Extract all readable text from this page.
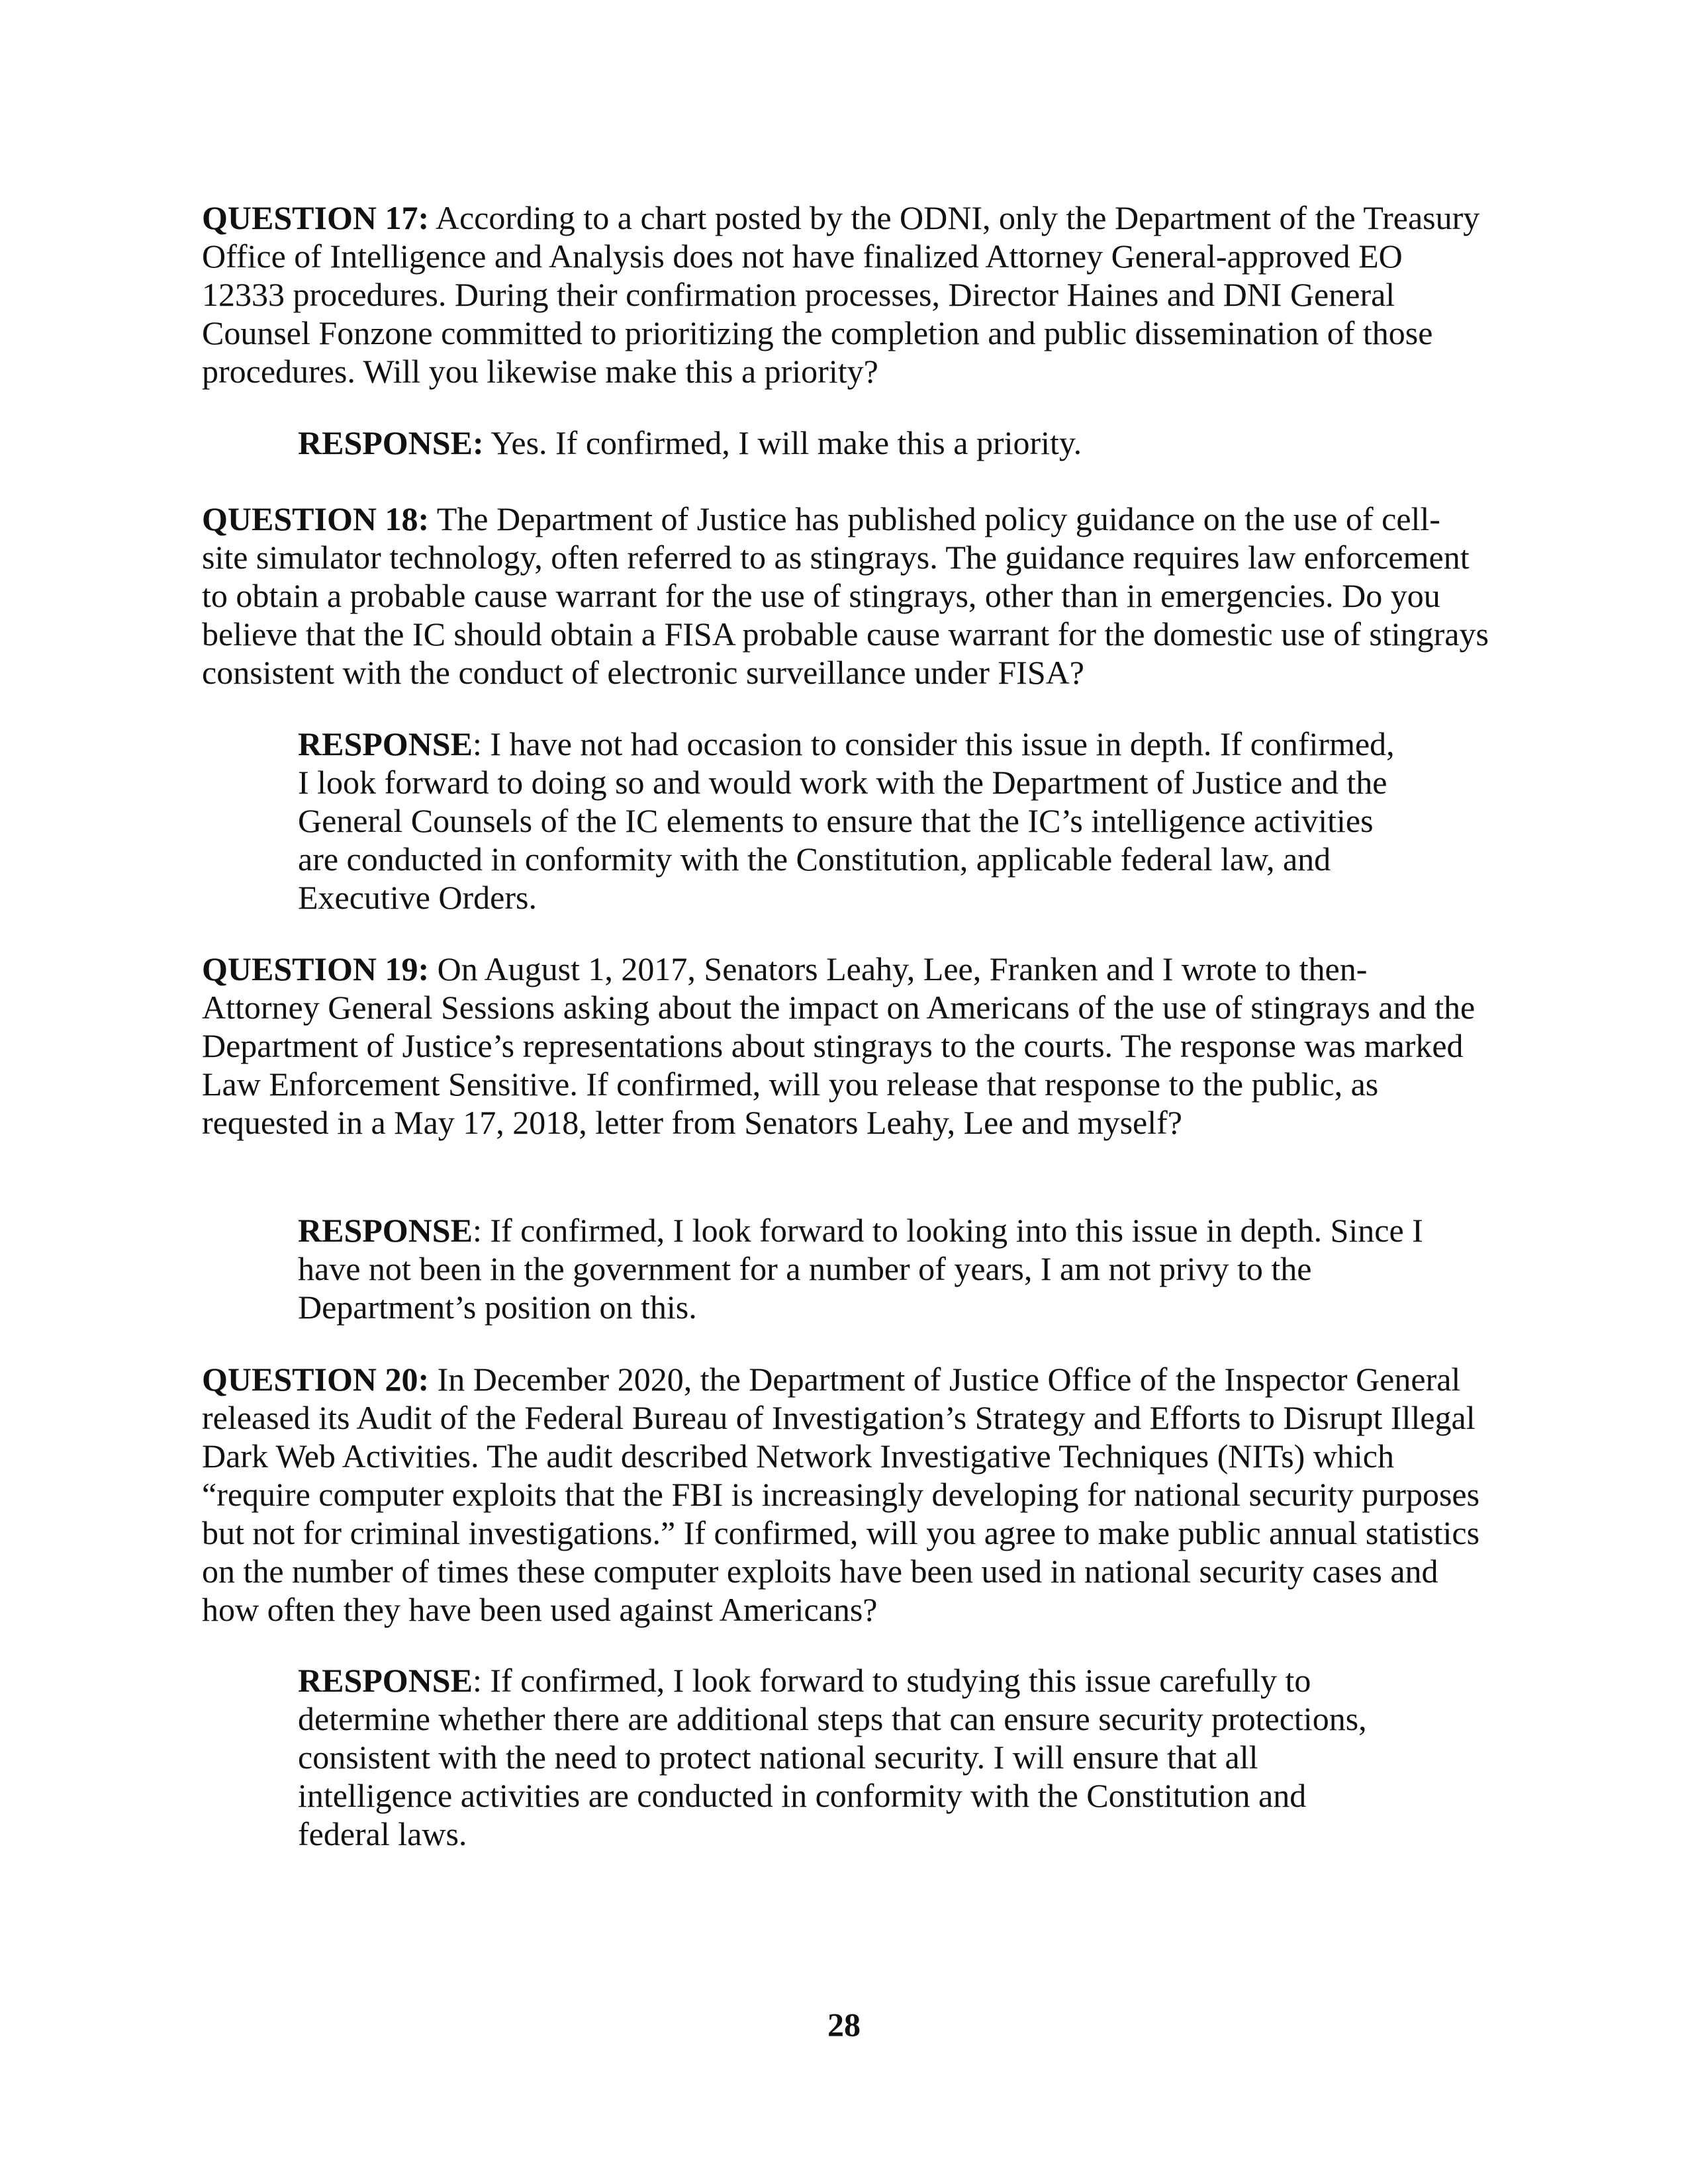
QUESTION 17: According to a chart posted by the ODNI, only the Department of the Treasury
Office of Intelligence and Analysis does not have finalized Attorney General-approved EO
12333 procedures. During their confirmation processes, Director Haines and DNI General
Counsel Fonzone committed to prioritizing the completion and public dissemination of those
procedures. Will you likewise make this a priority?
RESPONSE: Yes. If confirmed, I will make this a priority.
QUESTION 18: The Department of Justice has published policy guidance on the use of cell-
site simulator technology, often referred to as stingrays. The guidance requires law enforcement
to obtain a probable cause warrant for the use of stingrays, other than in emergencies. Do you
believe that the IC should obtain a FISA probable cause warrant for the domestic use of stingrays
consistent with the conduct of electronic surveillance under FISA?
RESPONSE: I have not had occasion to consider this issue in depth. If confirmed,
I look forward to doing so and would work with the Department of Justice and the
General Counsels of the IC elements to ensure that the IC’s intelligence activities
are conducted in conformity with the Constitution, applicable federal law, and
Executive Orders.
QUESTION 19: On August 1, 2017, Senators Leahy, Lee, Franken and I wrote to then-
Attorney General Sessions asking about the impact on Americans of the use of stingrays and the
Department of Justice’s representations about stingrays to the courts. The response was marked
Law Enforcement Sensitive. If confirmed, will you release that response to the public, as
requested in a May 17, 2018, letter from Senators Leahy, Lee and myself?
RESPONSE: If confirmed, I look forward to looking into this issue in depth. Since I
have not been in the government for a number of years, I am not privy to the
Department’s position on this.
QUESTION 20: In December 2020, the Department of Justice Office of the Inspector General
released its Audit of the Federal Bureau of Investigation’s Strategy and Efforts to Disrupt Illegal
Dark Web Activities. The audit described Network Investigative Techniques (NITs) which
“require computer exploits that the FBI is increasingly developing for national security purposes
but not for criminal investigations.” If confirmed, will you agree to make public annual statistics
on the number of times these computer exploits have been used in national security cases and
how often they have been used against Americans?
RESPONSE: If confirmed, I look forward to studying this issue carefully to
determine whether there are additional steps that can ensure security protections,
consistent with the need to protect national security. I will ensure that all
intelligence activities are conducted in conformity with the Constitution and
federal laws.
28
